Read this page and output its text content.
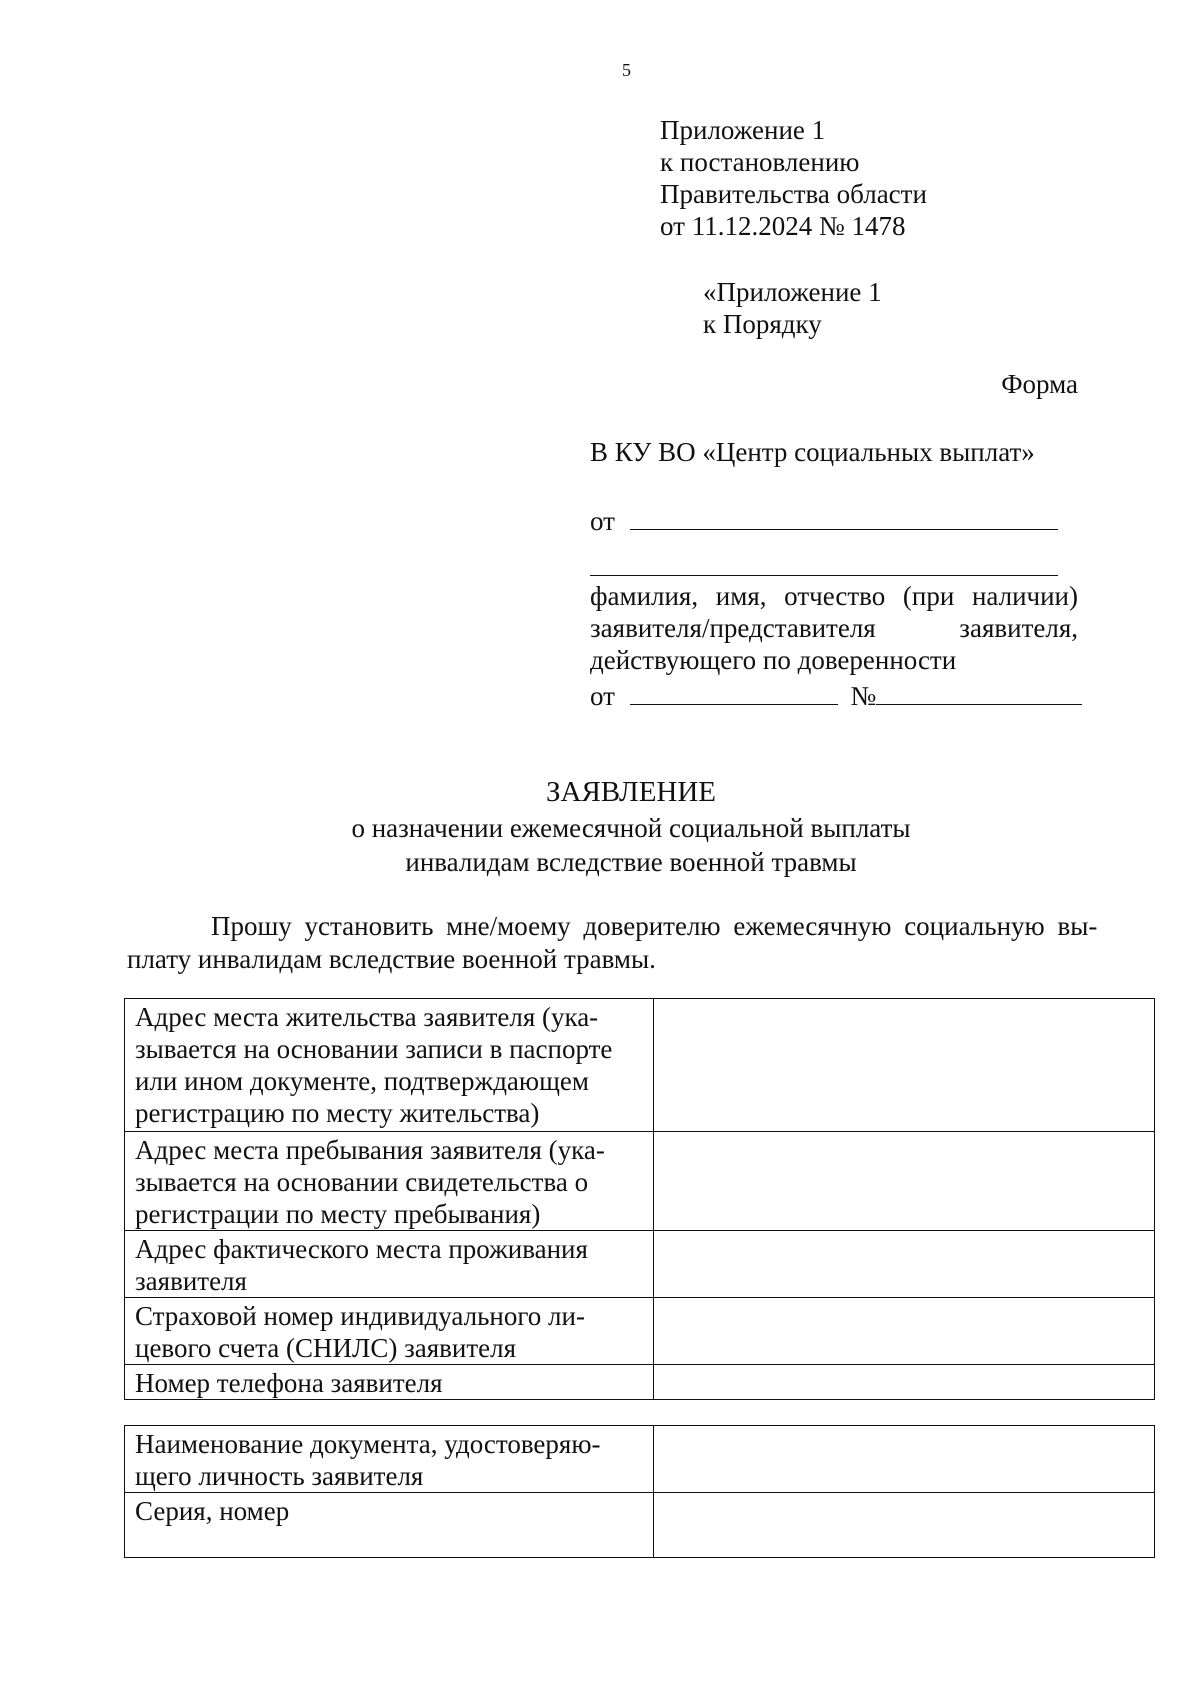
5
Приложение 1
к постановлению
Правительства области
от 11.12.2024 № 1478
«Приложение 1
к Порядку
Форма
В КУ ВО «Центр социальных выплат»
от
фамилия, имя, отчество (при наличии)
заявителя/представителя	заявителя,
действующего по доверенности
от	№
ЗАЯВЛЕНИЕ
о назначении ежемесячной социальной выплаты
инвалидам вследствие военной травмы
Прошу установить мне/моему доверителю ежемесячную социальную вы-
плату инвалидам вследствие военной травмы.
Адрес места жительства заявителя (ука-
зывается на основании записи в паспорте
или ином документе, подтверждающем
регистрацию по месту жительства)	

Адрес места пребывания заявителя (ука-
зывается на основании свидетельства о
регистрации по месту пребывания)	

Адрес фактического места проживания
заявителя	

Страховой номер индивидуального ли-
цевого счета (СНИЛС) заявителя	

Номер телефона заявителя	

Наименование документа, удостоверяю-
щего личность заявителя	

Серия, номер	
